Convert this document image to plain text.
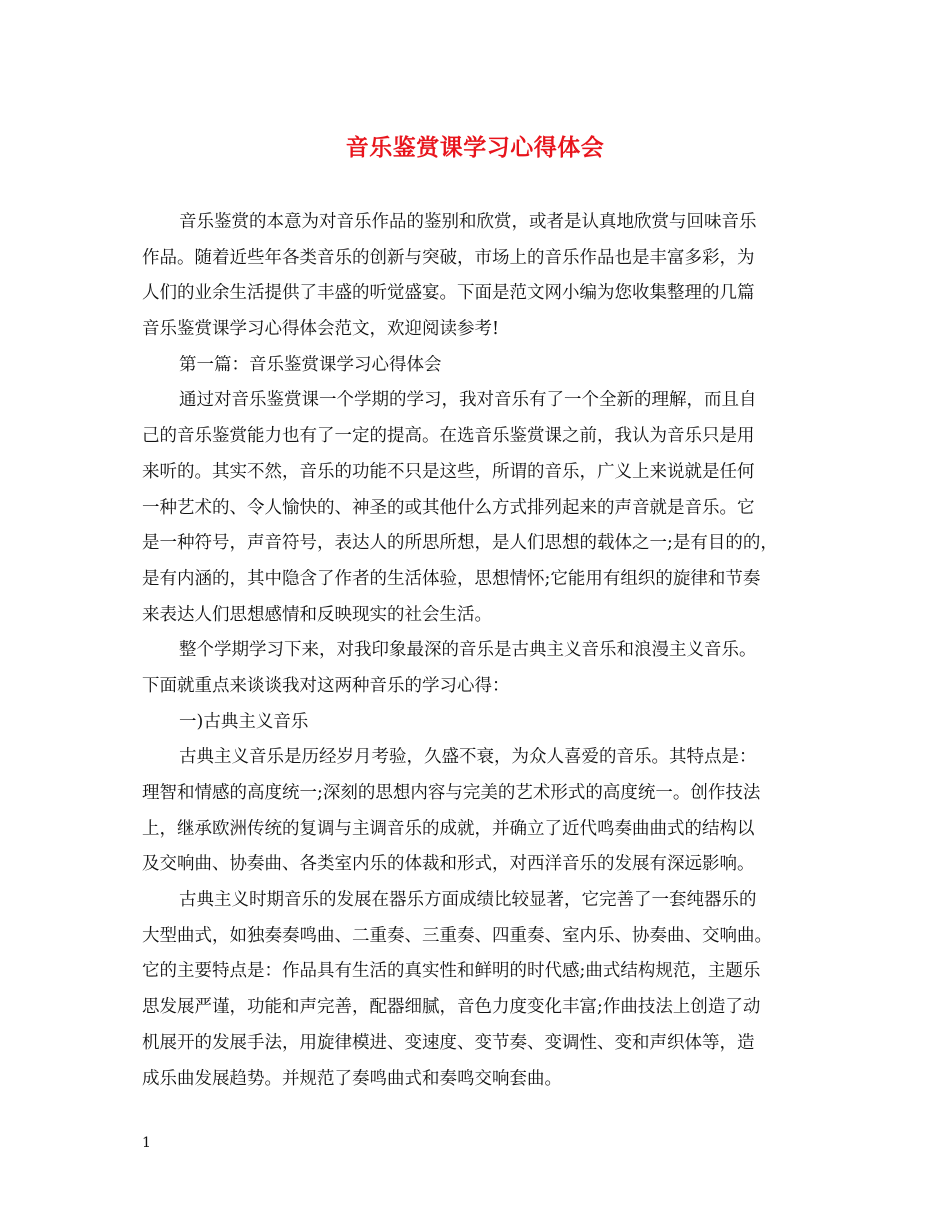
音乐鉴赏课学习心得体会
音乐鉴赏的本意为对音乐作品的鉴别和欣赏，或者是认真地欣赏与回味音乐
作品。随着近些年各类音乐的创新与突破，市场上的音乐作品也是丰富多彩，为
人们的业余生活提供了丰盛的听觉盛宴。下面是范文网小编为您收集整理的几篇
音乐鉴赏课学习心得体会范文，欢迎阅读参考!
第一篇：音乐鉴赏课学习心得体会
通过对音乐鉴赏课一个学期的学习，我对音乐有了一个全新的理解，而且自
己的音乐鉴赏能力也有了一定的提高。在选音乐鉴赏课之前，我认为音乐只是用
来听的。其实不然，音乐的功能不只是这些，所谓的音乐，广义上来说就是任何
一种艺术的、令人愉快的、神圣的或其他什么方式排列起来的声音就是音乐。它
是一种符号，声音符号，表达人的所思所想，是人们思想的载体之一;是有目的的，
是有内涵的，其中隐含了作者的生活体验，思想情怀;它能用有组织的旋律和节奏
来表达人们思想感情和反映现实的社会生活。
整个学期学习下来，对我印象最深的音乐是古典主义音乐和浪漫主义音乐。
下面就重点来谈谈我对这两种音乐的学习心得：
一)古典主义音乐
古典主义音乐是历经岁月考验，久盛不衰，为众人喜爱的音乐。其特点是：
理智和情感的高度统一;深刻的思想内容与完美的艺术形式的高度统一。创作技法
上，继承欧洲传统的复调与主调音乐的成就，并确立了近代鸣奏曲曲式的结构以
及交响曲、协奏曲、各类室内乐的体裁和形式，对西洋音乐的发展有深远影响。
古典主义时期音乐的发展在器乐方面成绩比较显著，它完善了一套纯器乐的
大型曲式，如独奏奏鸣曲、二重奏、三重奏、四重奏、室内乐、协奏曲、交响曲。
它的主要特点是：作品具有生活的真实性和鲜明的时代感;曲式结构规范，主题乐
思发展严谨，功能和声完善，配器细腻，音色力度变化丰富;作曲技法上创造了动
机展开的发展手法，用旋律模进、变速度、变节奏、变调性、变和声织体等，造
成乐曲发展趋势。并规范了奏鸣曲式和奏鸣交响套曲。
1
